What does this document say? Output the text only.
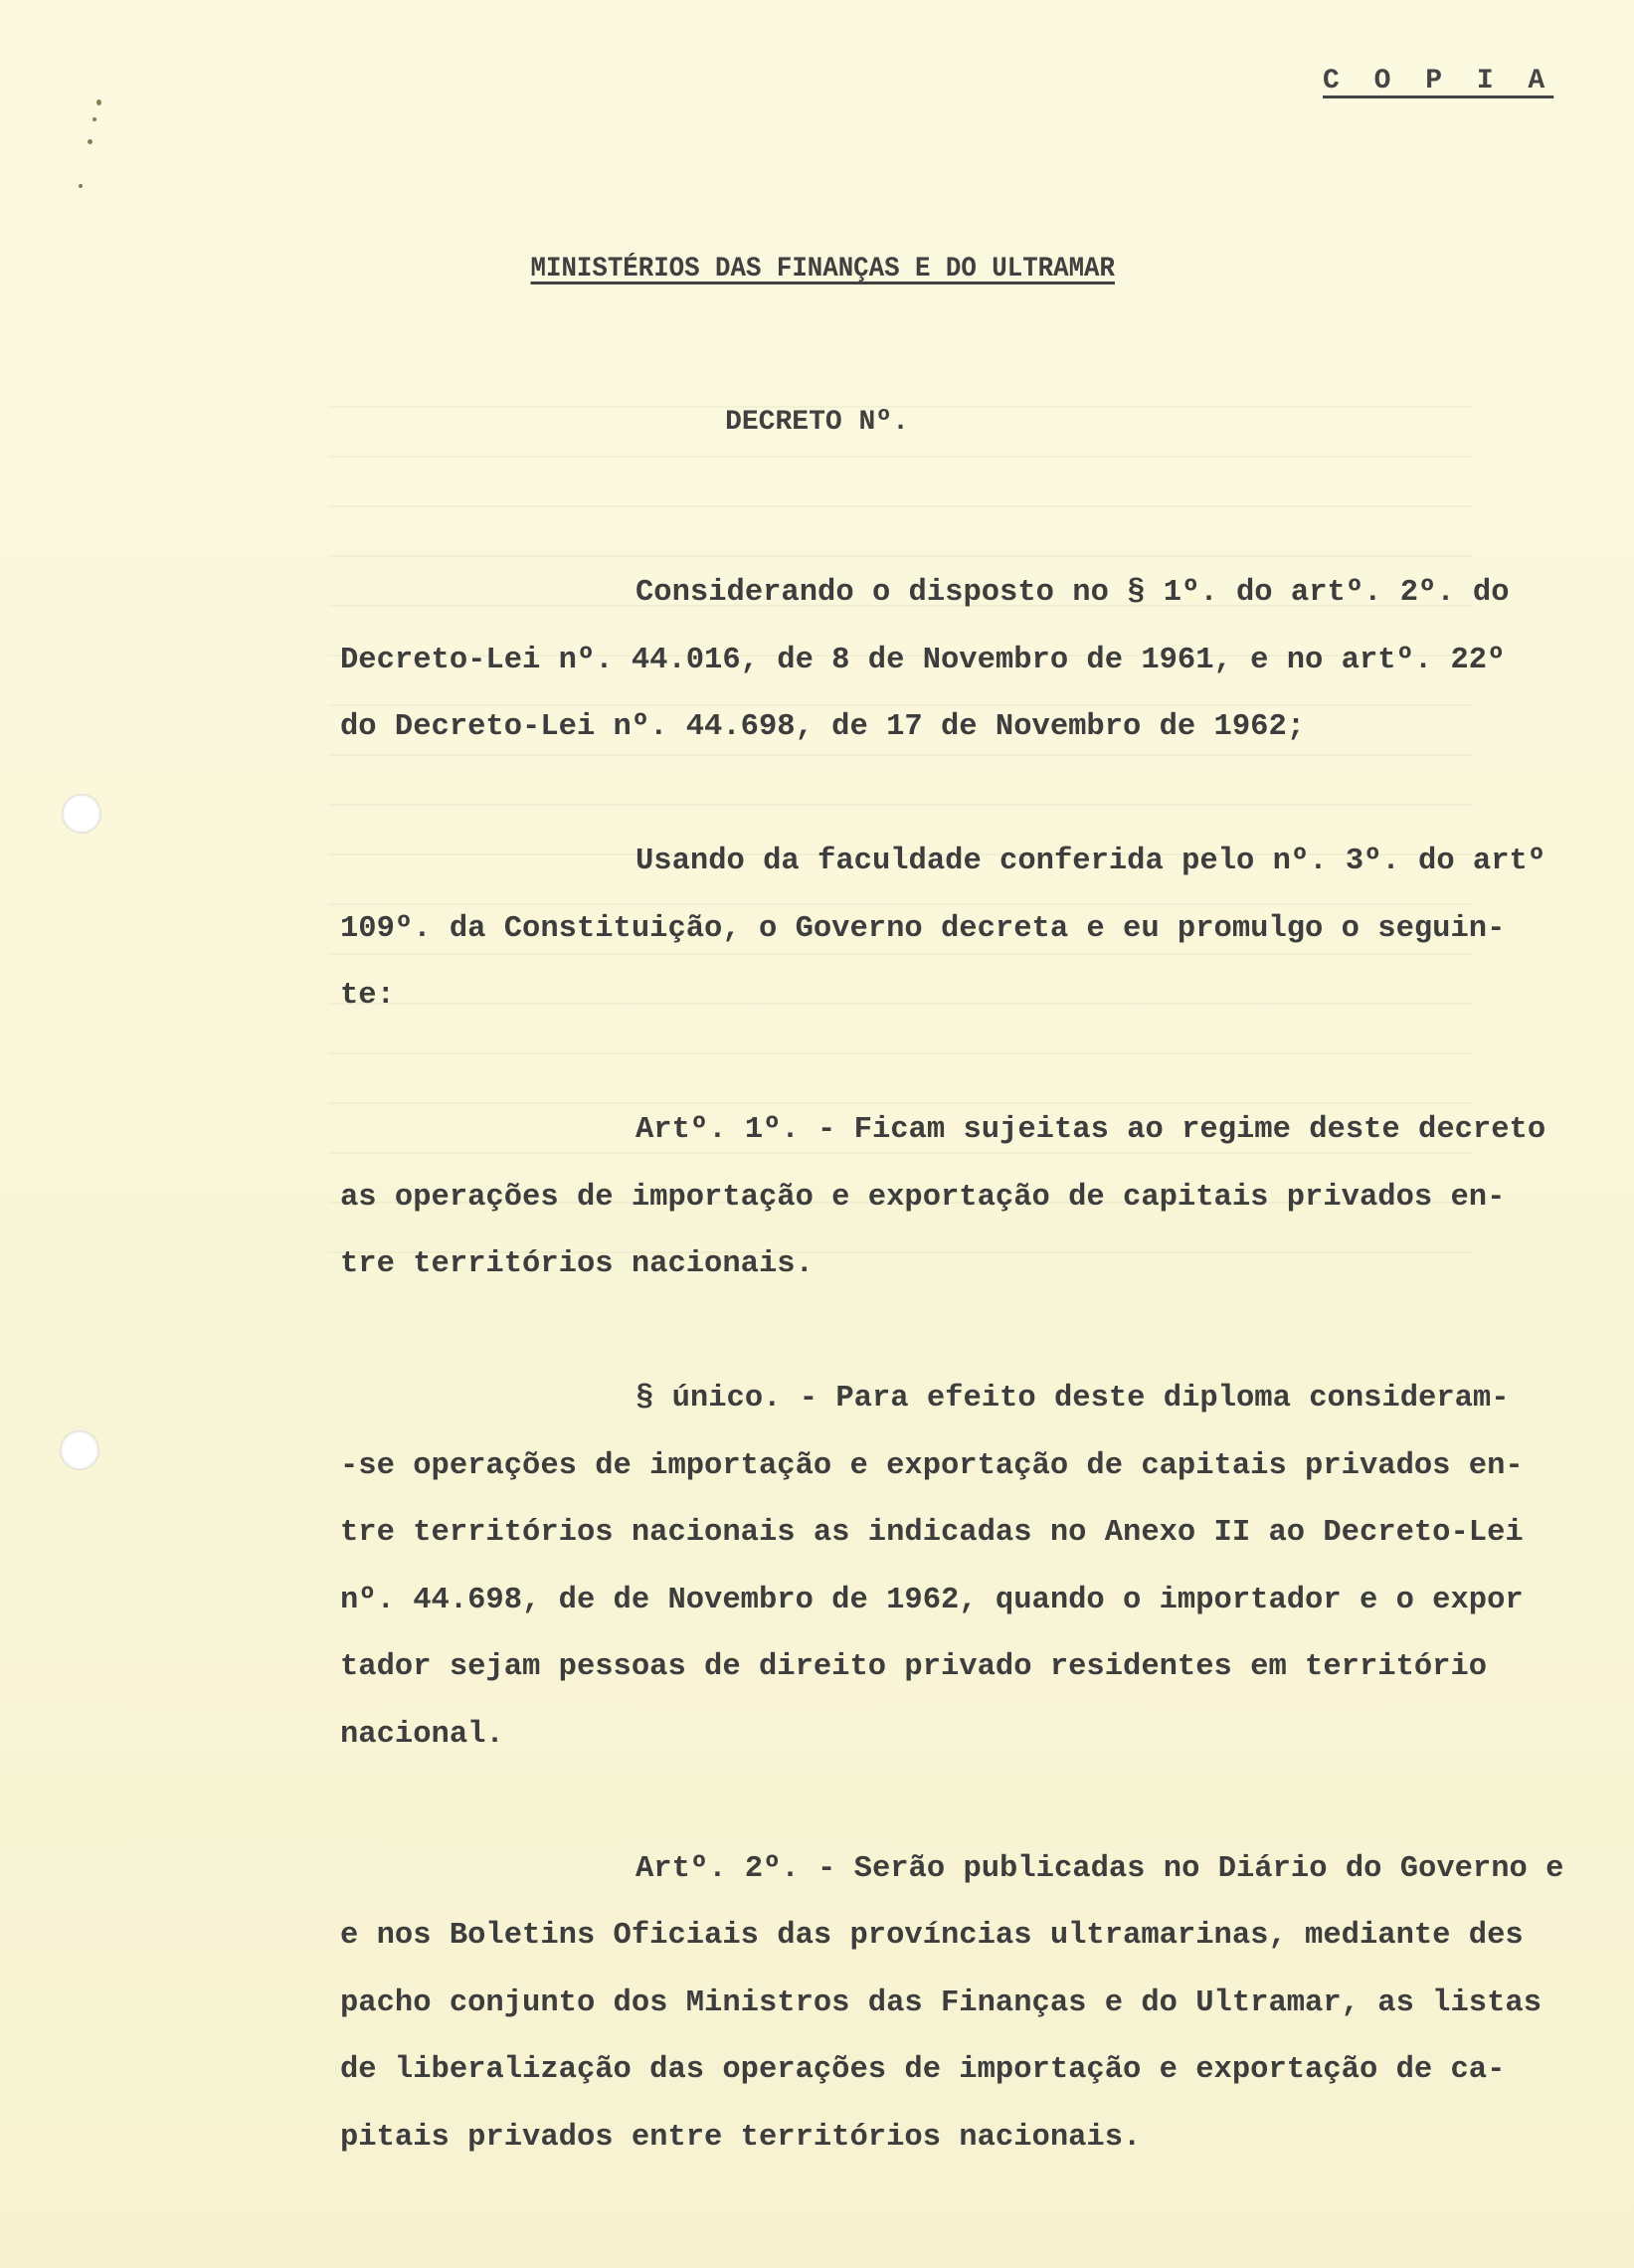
C O P I A
MINISTÉRIOS DAS FINANÇAS E DO ULTRAMAR
DECRETO Nº.
Considerando o disposto no § 1º. do artº. 2º. do
Decreto-Lei nº. 44.016, de 8 de Novembro de 1961, e no artº. 22º
do Decreto-Lei nº. 44.698, de 17 de Novembro de 1962;
Usando da faculdade conferida pelo nº. 3º. do artº
109º. da Constituição, o Governo decreta e eu promulgo o seguin-
te:
Artº. 1º. - Ficam sujeitas ao regime deste decreto
as operações de importação e exportação de capitais privados en-
tre territórios nacionais.
§ único. - Para efeito deste diploma consideram-
-se operações de importação e exportação de capitais privados en-
tre territórios nacionais as indicadas no Anexo II ao Decreto-Lei
nº. 44.698, de de Novembro de 1962, quando o importador e o expor
tador sejam pessoas de direito privado residentes em território
nacional.
Artº. 2º. - Serão publicadas no Diário do Governo e
e nos Boletins Oficiais das províncias ultramarinas, mediante des
pacho conjunto dos Ministros das Finanças e do Ultramar, as listas
de liberalização das operações de importação e exportação de ca-
pitais privados entre territórios nacionais.
